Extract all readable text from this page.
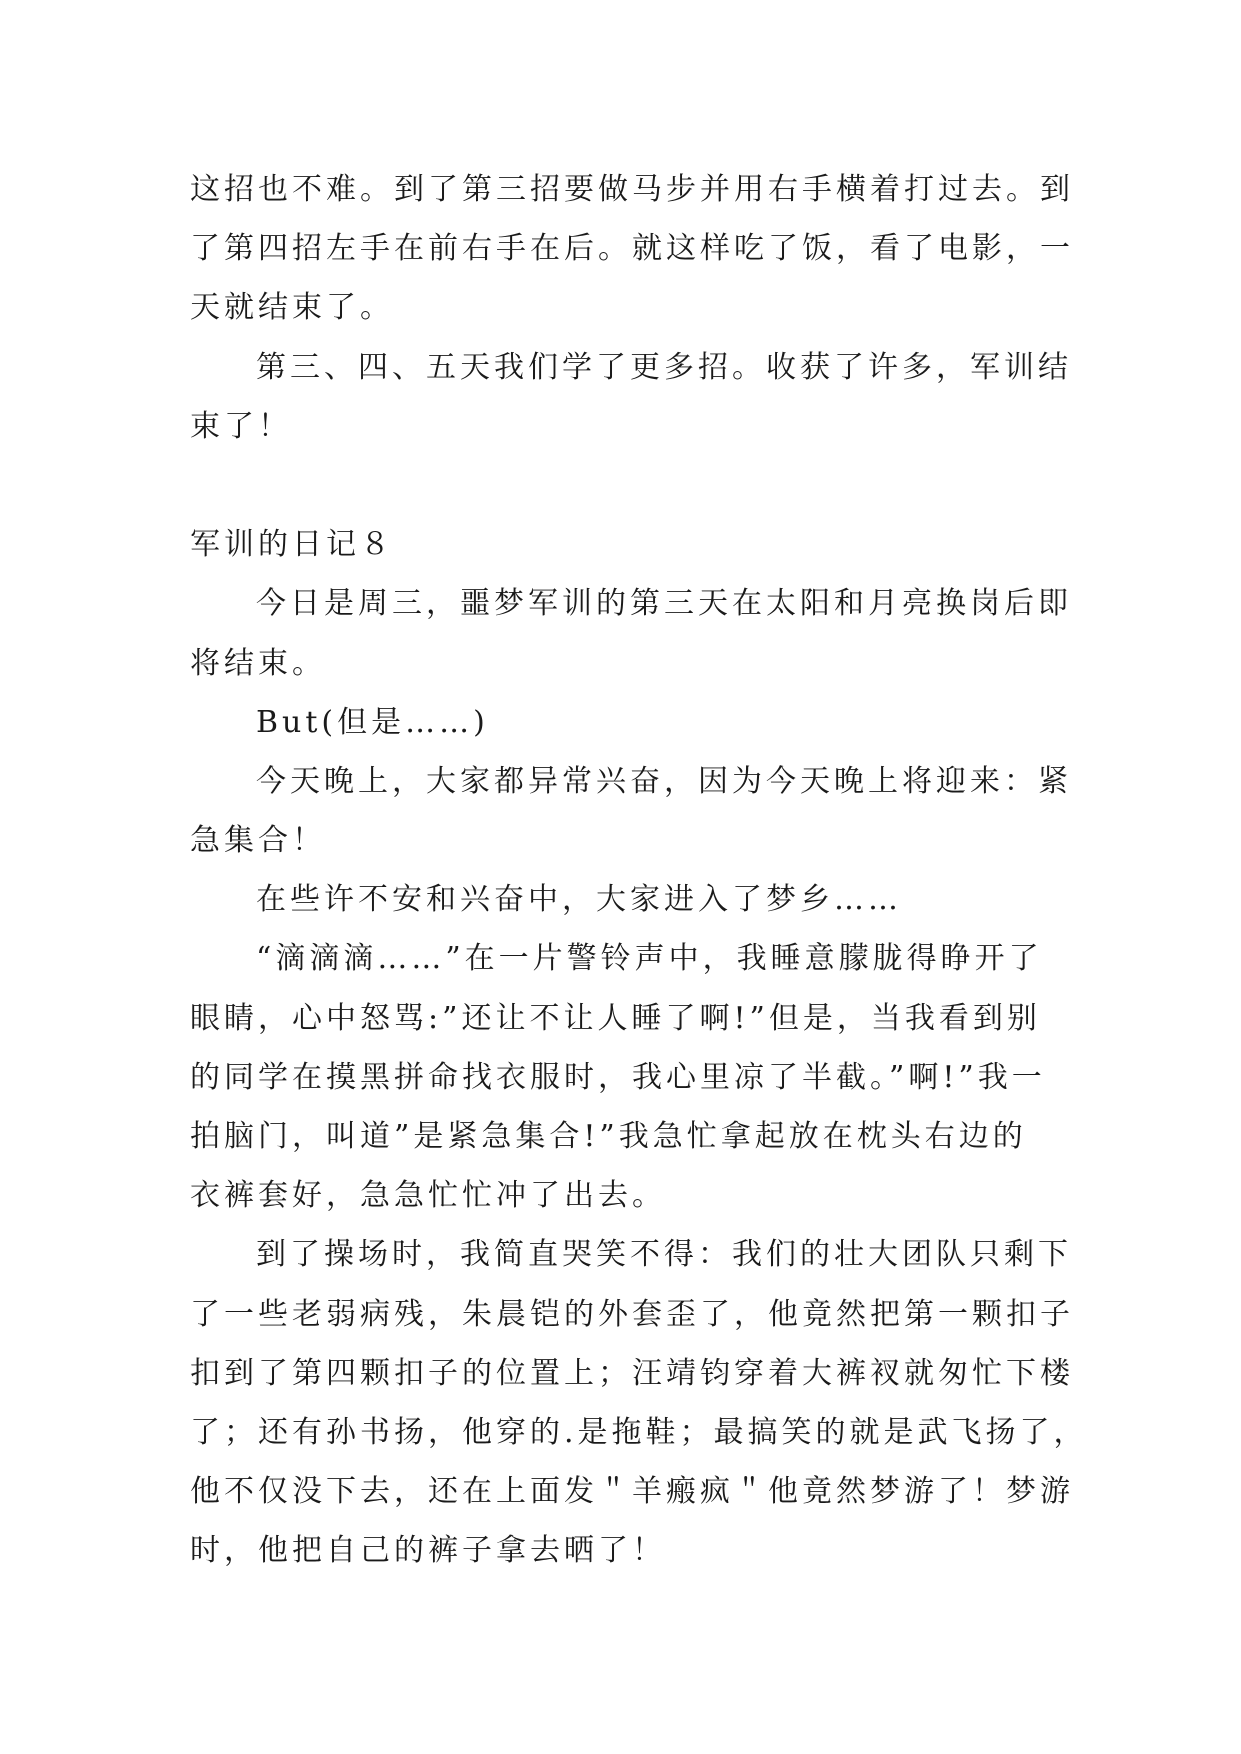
这招也不难。到了第三招要做马步并用右手横着打过去。到
了第四招左手在前右手在后。就这样吃了饭，看了电影，一
天就结束了。
第三、四、五天我们学了更多招。收获了许多，军训结
束了！
军训的日记８
今日是周三，噩梦军训的第三天在太阳和月亮换岗后即
将结束。
But(但是……)
今天晚上，大家都异常兴奋，因为今天晚上将迎来：紧
急集合！
在些许不安和兴奋中，大家进入了梦乡……
“滴滴滴……”在一片警铃声中，我睡意朦胧得睁开了
眼睛，心中怒骂:”还让不让人睡了啊!”但是，当我看到别
的同学在摸黑拼命找衣服时，我心里凉了半截。”啊!”我一
拍脑门，叫道”是紧急集合!”我急忙拿起放在枕头右边的
衣裤套好，急急忙忙冲了出去。
到了操场时，我简直哭笑不得：我们的壮大团队只剩下
了一些老弱病残，朱晨铠的外套歪了，他竟然把第一颗扣子
扣到了第四颗扣子的位置上；汪靖钧穿着大裤衩就匆忙下楼
了；还有孙书扬，他穿的.是拖鞋；最搞笑的就是武飞扬了，
他不仅没下去，还在上面发＂羊瘢疯＂他竟然梦游了！梦游
时，他把自己的裤子拿去晒了！
